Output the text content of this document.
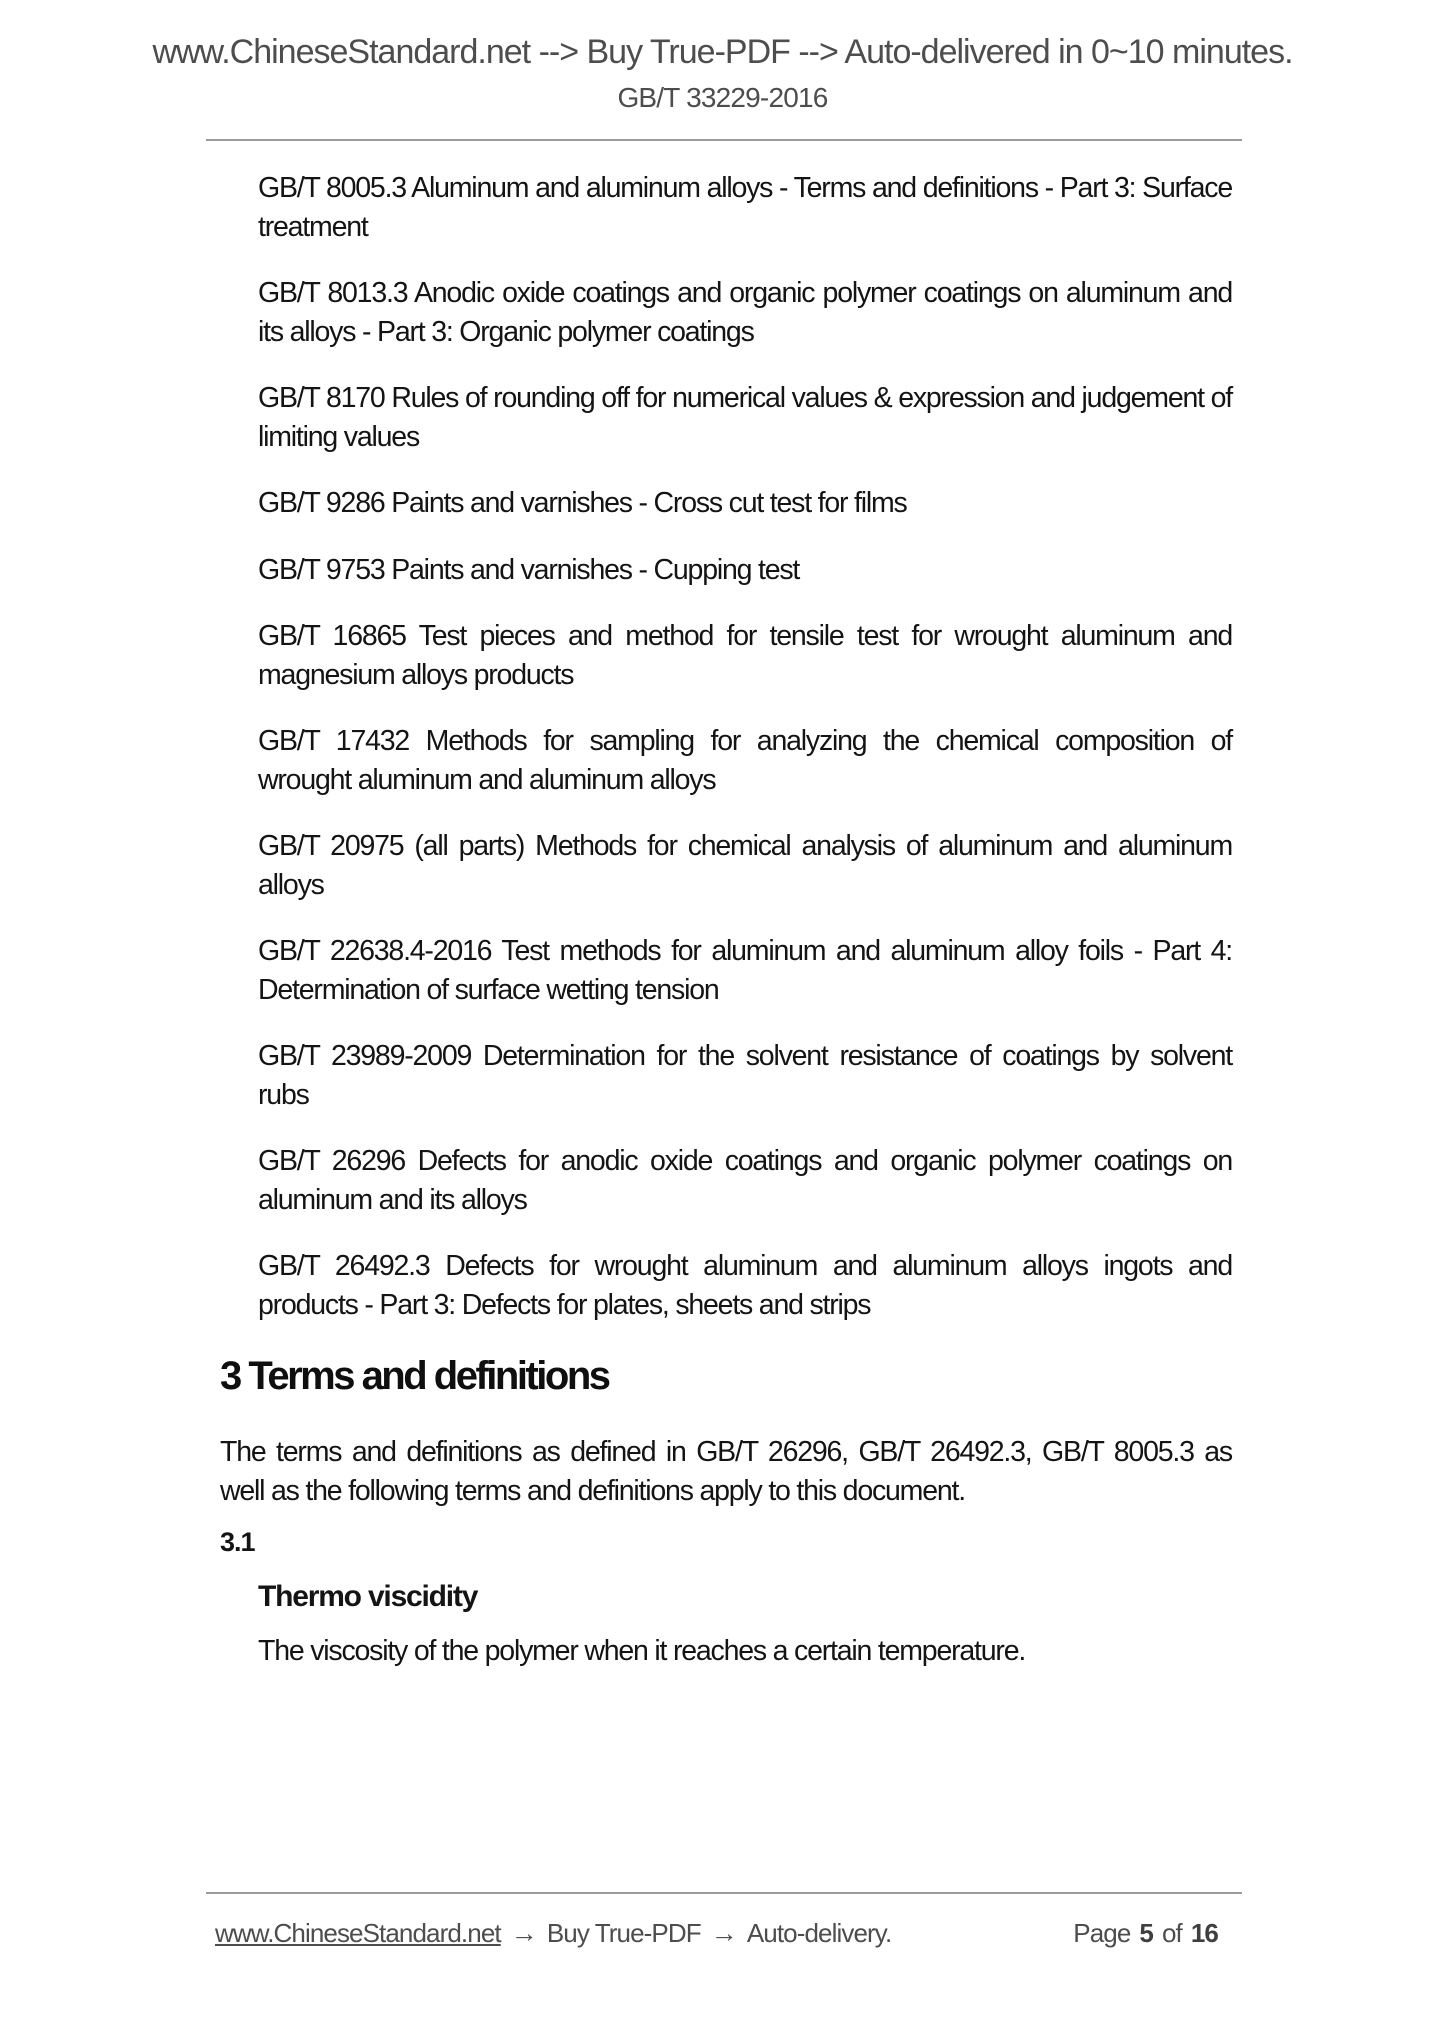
www.ChineseStandard.net --> Buy True-PDF --> Auto-delivered in 0~10 minutes.
GB/T 33229-2016

GB/T 8005.3 Aluminum and aluminum alloys - Terms and definitions - Part 3: Surface treatment

GB/T 8013.3 Anodic oxide coatings and organic polymer coatings on aluminum and its alloys - Part 3: Organic polymer coatings

GB/T 8170 Rules of rounding off for numerical values & expression and judgement of limiting values

GB/T 9286 Paints and varnishes - Cross cut test for films

GB/T 9753 Paints and varnishes - Cupping test

GB/T 16865 Test pieces and method for tensile test for wrought aluminum and magnesium alloys products

GB/T 17432 Methods for sampling for analyzing the chemical composition of wrought aluminum and aluminum alloys

GB/T 20975 (all parts) Methods for chemical analysis of aluminum and aluminum alloys

GB/T 22638.4-2016 Test methods for aluminum and aluminum alloy foils - Part 4: Determination of surface wetting tension

GB/T 23989-2009 Determination for the solvent resistance of coatings by solvent rubs

GB/T 26296 Defects for anodic oxide coatings and organic polymer coatings on aluminum and its alloys

GB/T 26492.3 Defects for wrought aluminum and aluminum alloys ingots and products - Part 3: Defects for plates, sheets and strips

3 Terms and definitions

The terms and definitions as defined in GB/T 26296, GB/T 26492.3, GB/T 8005.3 as well as the following terms and definitions apply to this document.

3.1

Thermo viscidity

The viscosity of the polymer when it reaches a certain temperature.

www.ChineseStandard.net → Buy True-PDF → Auto-delivery.	Page 5 of 16
